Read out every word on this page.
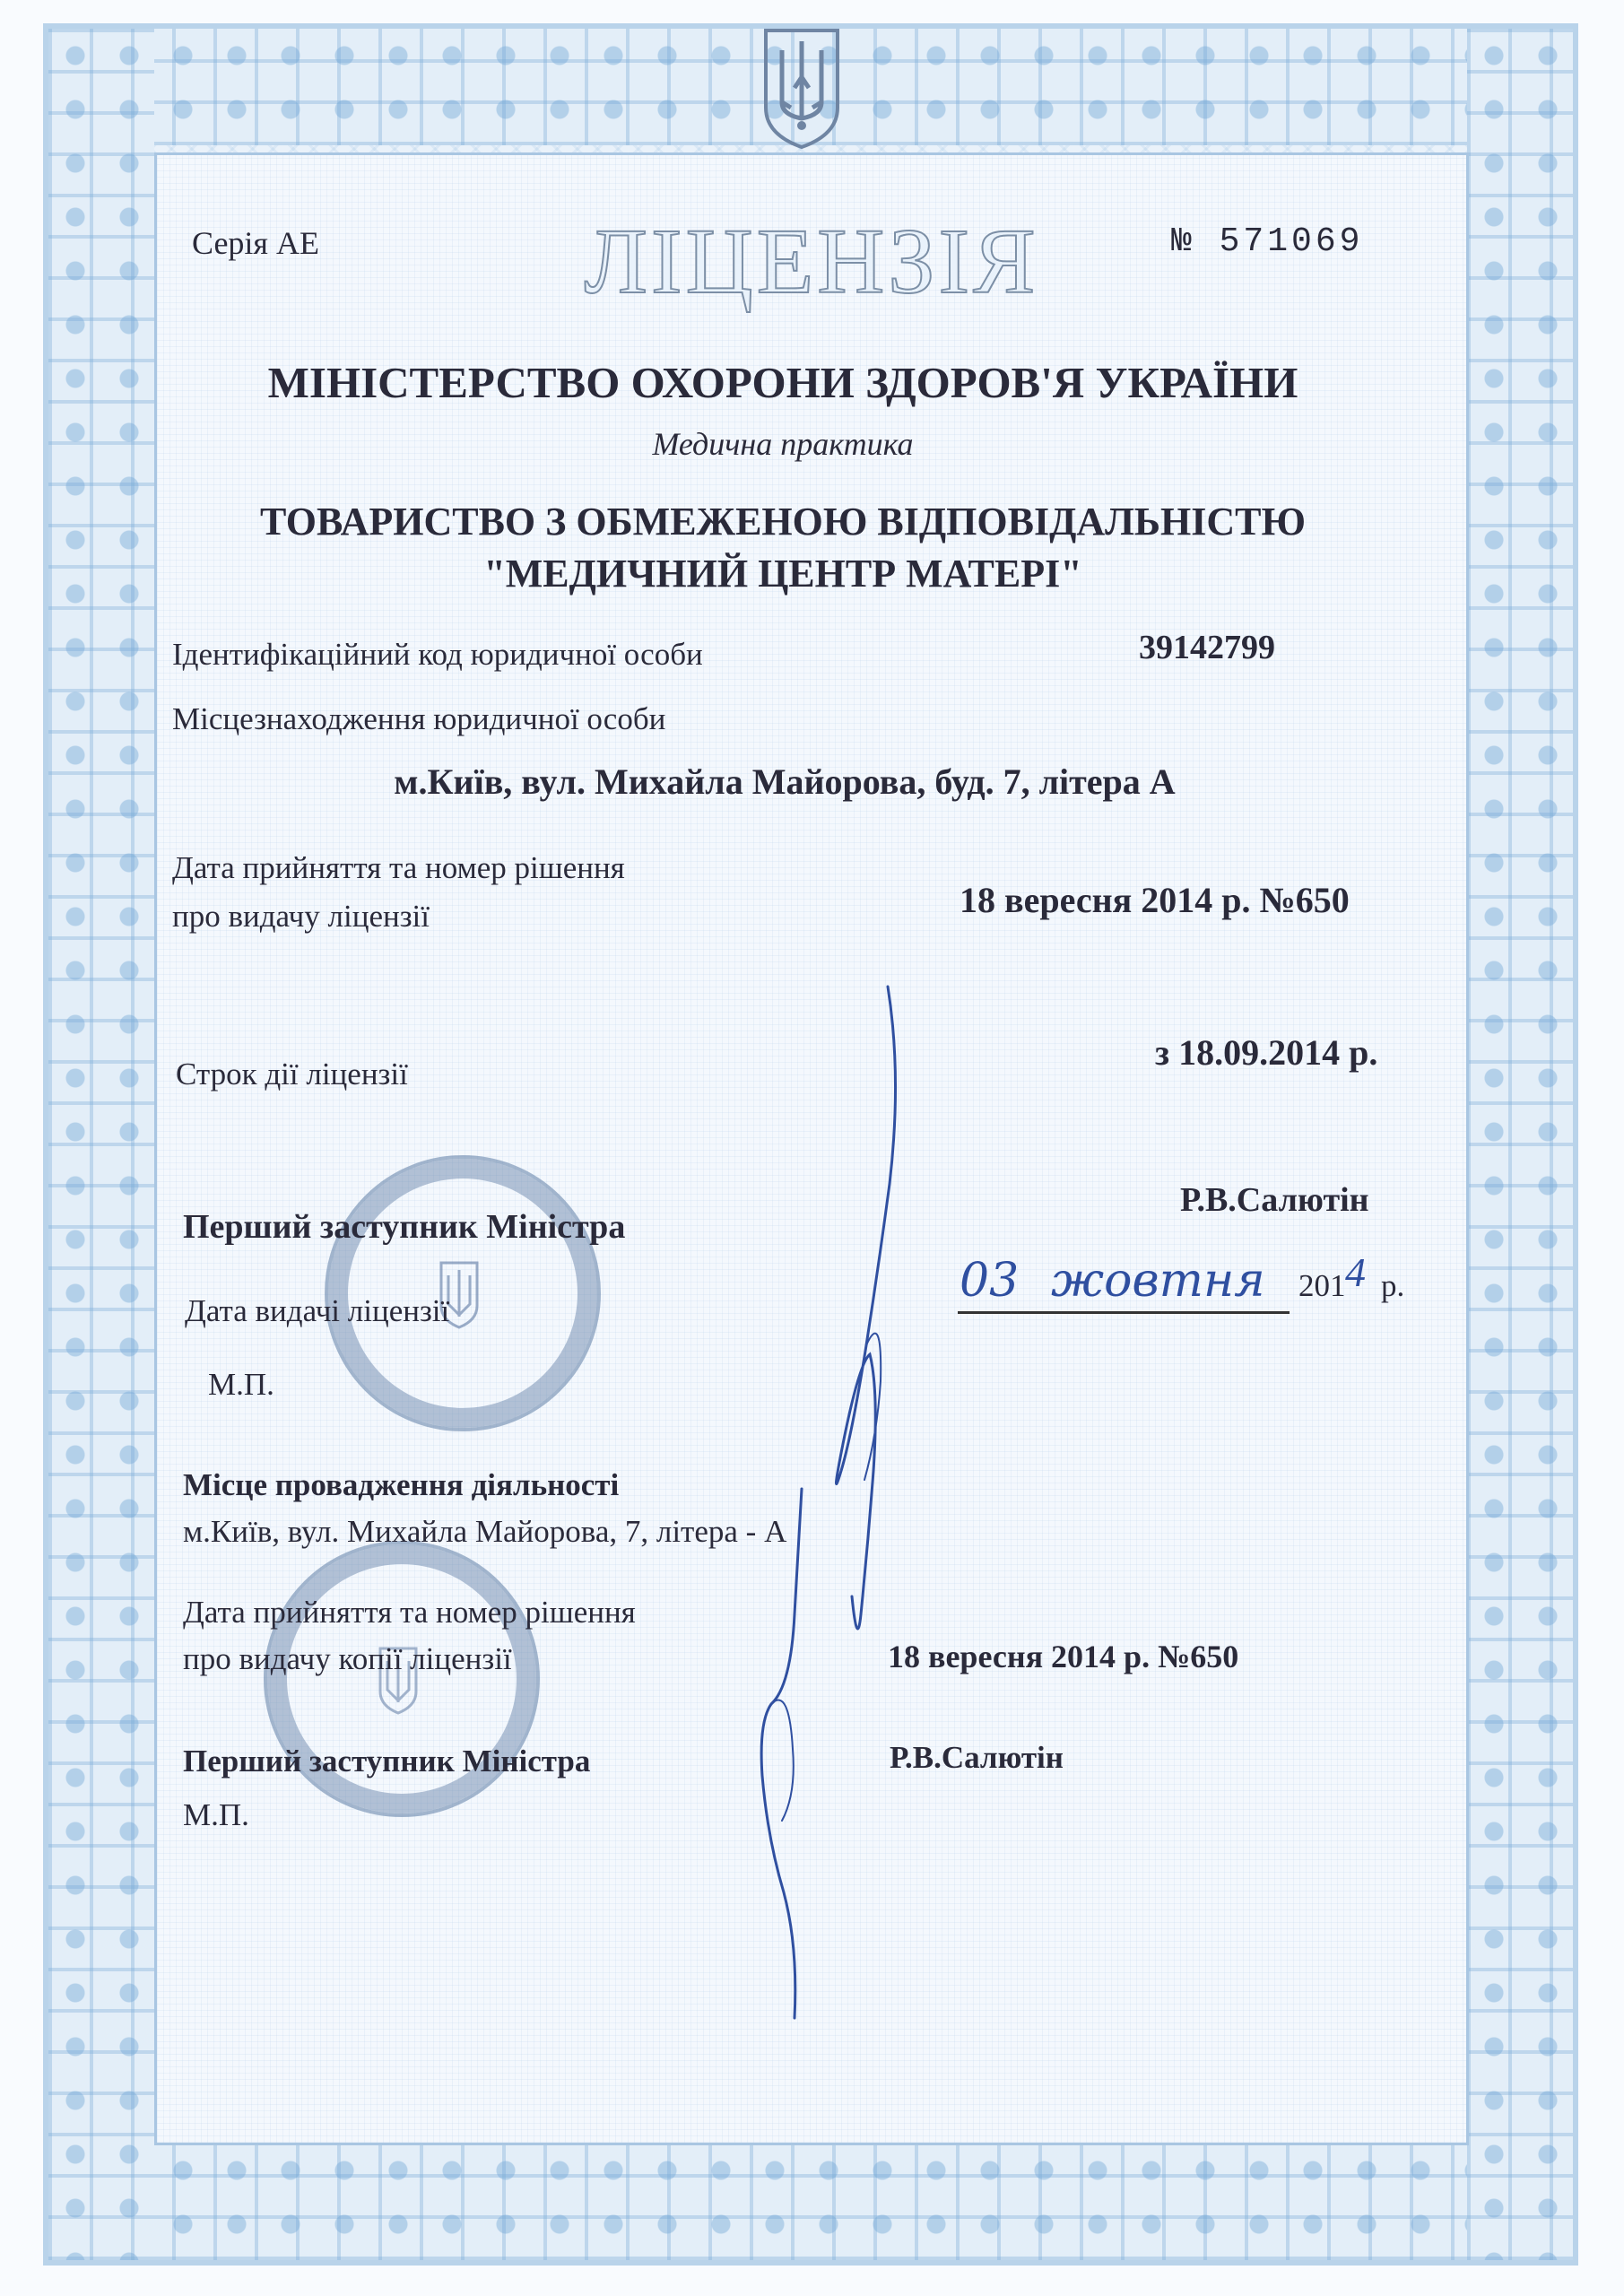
Серія АЕ	ЛІЦЕНЗІЯ	№ 571069
МІНІСТЕРСТВО ОХОРОНИ ЗДОРОВ'Я УКРАЇНИ
Медична практика
ТОВАРИСТВО З ОБМЕЖЕНОЮ ВІДПОВІДАЛЬНІСТЮ
"МЕДИЧНИЙ ЦЕНТР МАТЕРІ"
Ідентифікаційний код юридичної особи	39142799
Місцезнаходження юридичної особи
м.Київ, вул. Михайла Майорова, буд. 7, літера А
Дата прийняття та номер рішення
про видачу ліцензії	18 вересня 2014 р. №650
Строк дії ліцензії
з 18.09.2014 р.
Перший заступник Міністра
Р.В.Салютін
Дата видачі ліцензії
03 жовтня 201 4 р.
М.П.
Місце провадження діяльності
м.Київ, вул. Михайла Майорова, 7, літера - А
Дата прийняття та номер рішення
про видачу копії ліцензії	18 вересня 2014 р. №650
Перший заступник Міністра	Р.В.Салютін
М.П.
